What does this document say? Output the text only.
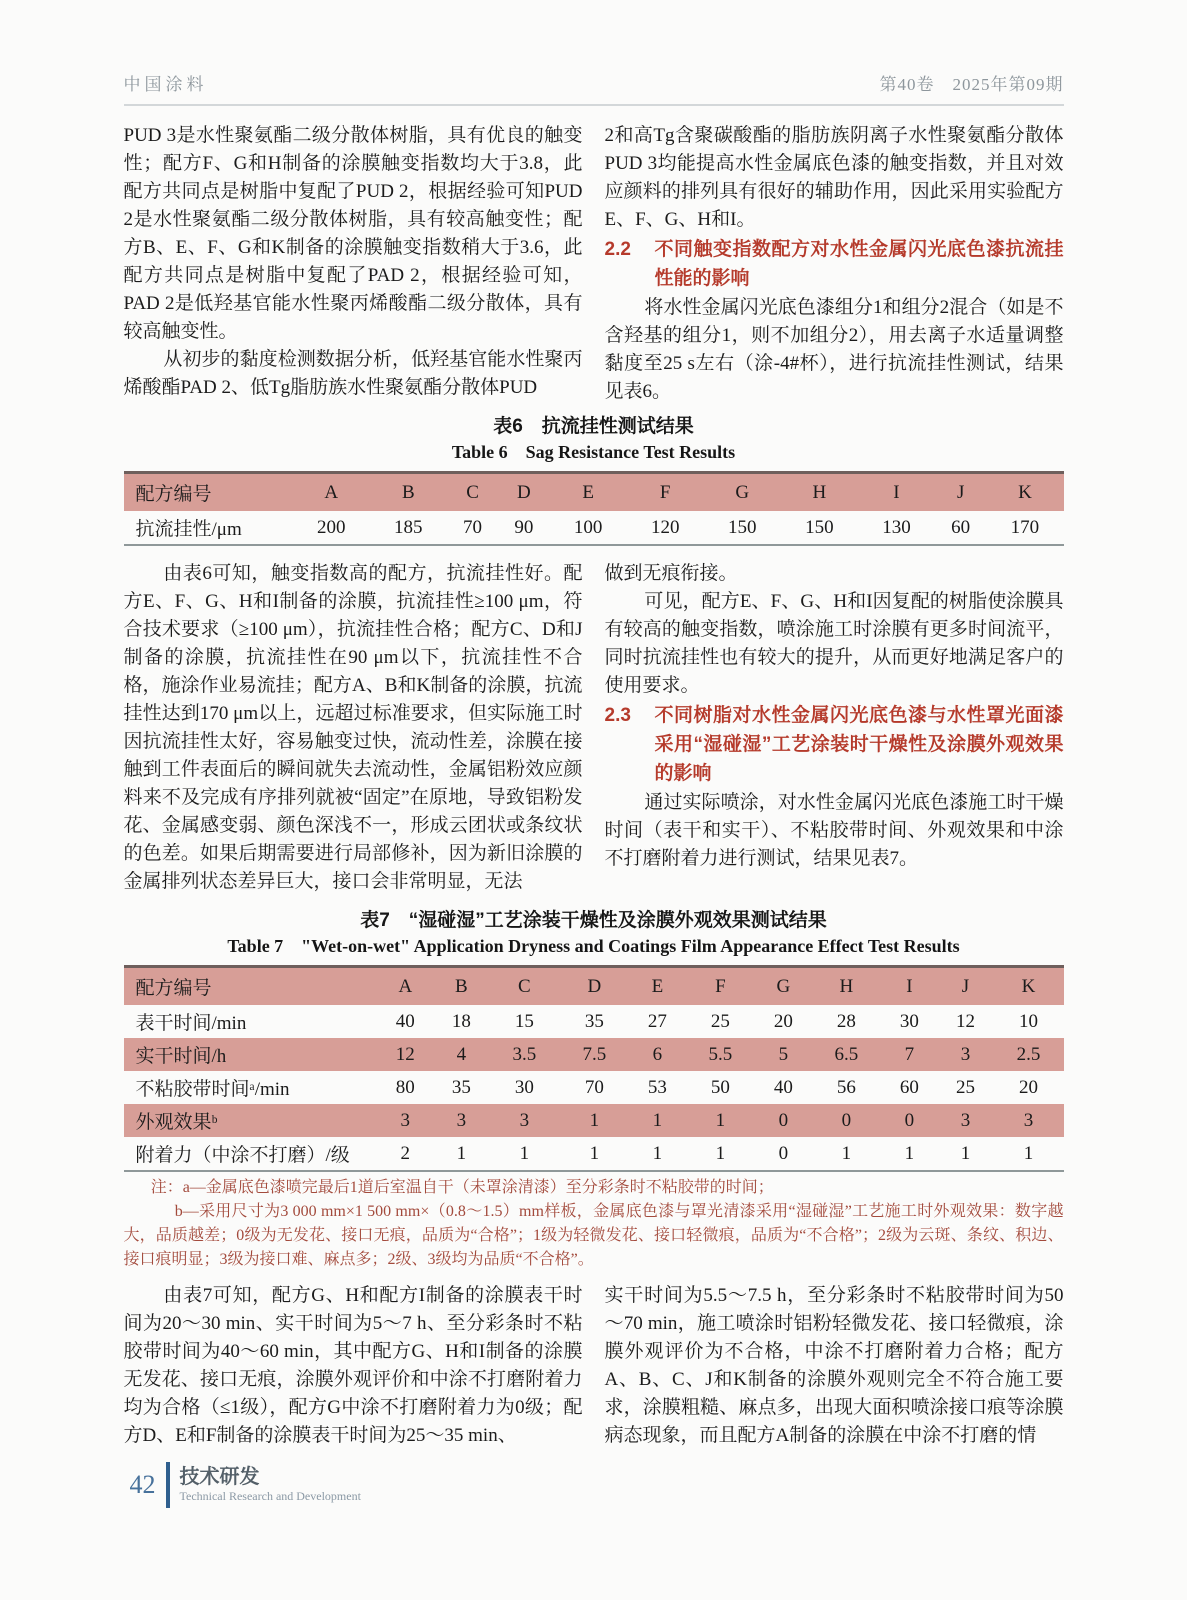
中国涂料	第40卷　2025年第09期

PUD 3是水性聚氨酯二级分散体树脂，具有优良的触变性；配方F、G和H制备的涂膜触变指数均大于3.8，此配方共同点是树脂中复配了PUD 2，根据经验可知PUD 2是水性聚氨酯二级分散体树脂，具有较高触变性；配方B、E、F、G和K制备的涂膜触变指数稍大于3.6，此配方共同点是树脂中复配了PAD 2，根据经验可知，PAD 2是低羟基官能水性聚丙烯酸酯二级分散体，具有较高触变性。

从初步的黏度检测数据分析，低羟基官能水性聚丙烯酸酯PAD 2、低Tg脂肪族水性聚氨酯分散体PUD

2和高Tg含聚碳酸酯的脂肪族阴离子水性聚氨酯分散体PUD 3均能提高水性金属底色漆的触变指数，并且对效应颜料的排列具有很好的辅助作用，因此采用实验配方E、F、G、H和I。

2.2	不同触变指数配方对水性金属闪光底色漆抗流挂性能的影响

将水性金属闪光底色漆组分1和组分2混合（如是不含羟基的组分1，则不加组分2），用去离子水适量调整黏度至25 s左右（涂-4#杯），进行抗流挂性测试，结果见表6。

表6　抗流挂性测试结果
Table 6　Sag Resistance Test Results
配方编号	A	B	C	D	E	F	G	H	I	J	K
抗流挂性/μm	200	185	70	90	100	120	150	150	130	60	170

由表6可知，触变指数高的配方，抗流挂性好。配方E、F、G、H和I制备的涂膜，抗流挂性≥100 μm，符合技术要求（≥100 μm），抗流挂性合格；配方C、D和J制备的涂膜，抗流挂性在90 μm以下，抗流挂性不合格，施涂作业易流挂；配方A、B和K制备的涂膜，抗流挂性达到170 μm以上，远超过标准要求，但实际施工时因抗流挂性太好，容易触变过快，流动性差，涂膜在接触到工件表面后的瞬间就失去流动性，金属铝粉效应颜料来不及完成有序排列就被“固定”在原地，导致铝粉发花、金属感变弱、颜色深浅不一，形成云团状或条纹状的色差。如果后期需要进行局部修补，因为新旧涂膜的金属排列状态差异巨大，接口会非常明显，无法

做到无痕衔接。

可见，配方E、F、G、H和I因复配的树脂使涂膜具有较高的触变指数，喷涂施工时涂膜有更多时间流平，同时抗流挂性也有较大的提升，从而更好地满足客户的使用要求。

2.3	不同树脂对水性金属闪光底色漆与水性罩光面漆采用“湿碰湿”工艺涂装时干燥性及涂膜外观效果的影响

通过实际喷涂，对水性金属闪光底色漆施工时干燥时间（表干和实干）、不粘胶带时间、外观效果和中涂不打磨附着力进行测试，结果见表7。

表7　“湿碰湿”工艺涂装干燥性及涂膜外观效果测试结果
Table 7　"Wet-on-wet" Application Dryness and Coatings Film Appearance Effect Test Results
配方编号	A	B	C	D	E	F	G	H	I	J	K
表干时间/min	40	18	15	35	27	25	20	28	30	12	10
实干时间/h	12	4	3.5	7.5	6	5.5	5	6.5	7	3	2.5
不粘胶带时间ᵃ/min	80	35	30	70	53	50	40	56	60	25	20
外观效果ᵇ	3	3	3	1	1	1	0	0	0	3	3
附着力（中涂不打磨）/级	2	1	1	1	1	1	0	1	1	1	1

注：a—金属底色漆喷完最后1道后室温自干（未罩涂清漆）至分彩条时不粘胶带的时间；

b—采用尺寸为3 000 mm×1 500 mm×（0.8～1.5）mm样板，金属底色漆与罩光清漆采用“湿碰湿”工艺施工时外观效果：数字越大，品质越差；0级为无发花、接口无痕，品质为“合格”；1级为轻微发花、接口轻微痕，品质为“不合格”；2级为云斑、条纹、积边、接口痕明显；3级为接口难、麻点多；2级、3级均为品质“不合格”。

由表7可知，配方G、H和配方I制备的涂膜表干时间为20～30 min、实干时间为5～7 h、至分彩条时不粘胶带时间为40～60 min，其中配方G、H和I制备的涂膜无发花、接口无痕，涂膜外观评价和中涂不打磨附着力均为合格（≤1级），配方G中涂不打磨附着力为0级；配方D、E和F制备的涂膜表干时间为25～35 min、

实干时间为5.5～7.5 h，至分彩条时不粘胶带时间为50～70 min，施工喷涂时铝粉轻微发花、接口轻微痕，涂膜外观评价为不合格，中涂不打磨附着力合格；配方A、B、C、J和K制备的涂膜外观则完全不符合施工要求，涂膜粗糙、麻点多，出现大面积喷涂接口痕等涂膜病态现象，而且配方A制备的涂膜在中涂不打磨的情

42 技术研发
Technical Research and Development
